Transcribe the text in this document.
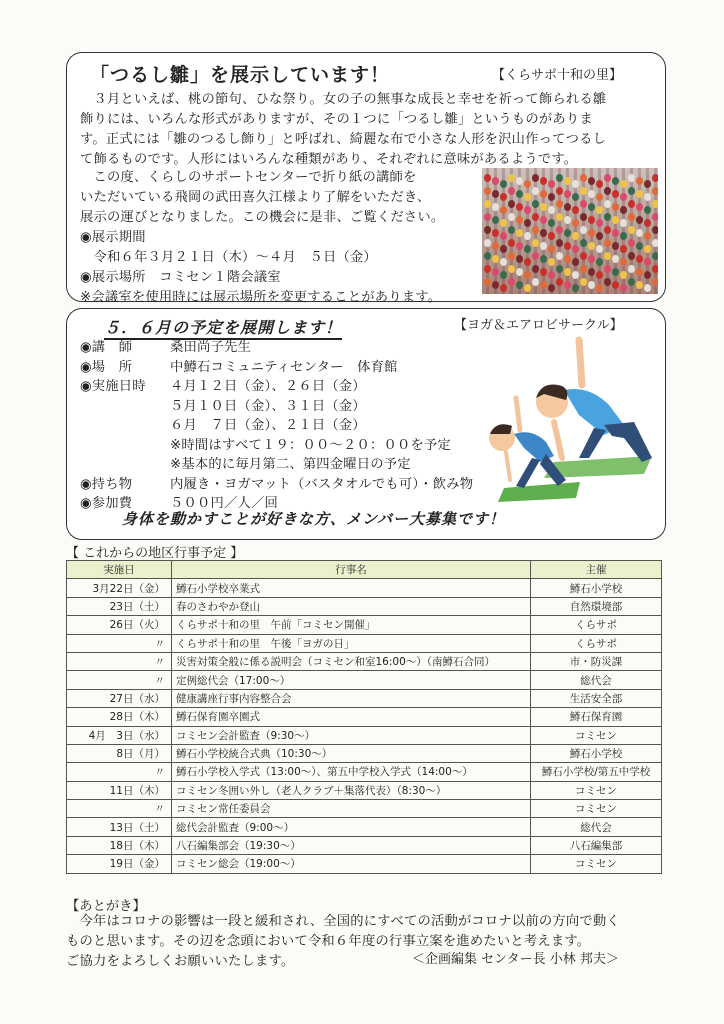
「つるし雛」を展示しています！	【くらサポ十和の里】
　３月といえば、桃の節句、ひな祭り。女の子の無事な成長と幸せを祈って飾られる雛
飾りには、いろんな形式がありますが、その１つに「つるし雛」というものがありま
す。正式には「雛のつるし飾り」と呼ばれ、綺麗な布で小さな人形を沢山作ってつるし
て飾るものです。人形にはいろんな種類があり、それぞれに意味があるようです。
　この度、くらしのサポートセンターで折り紙の講師を
いただいている飛岡の武田喜久江様より了解をいただき、
展示の運びとなりました。この機会に是非、ご覧ください。
◉展示期間
　令和６年３月２１日（木）～４月　５日（金）
◉展示場所　コミセン１階会議室
※会議室を使用時には展示場所を変更することがあります。
５．６月の予定を展開します！	【ヨガ＆エアロビサークル】
◉講　師	桑田尚子先生
◉場　所	中鱒石コミュニティセンター　体育館
◉実施日時	４月１２日（金）、２６日（金）
５月１０日（金）、３１日（金）
６月　７日（金）、２１日（金）
※時間はすべて１９：００～２０：００を予定
※基本的に毎月第二、第四金曜日の予定
◉持ち物	内履き・ヨガマット（バスタオルでも可）・飲み物
◉参加費	５００円／人／回
身体を動かすことが好きな方、メンバー大募集です！
【 これからの地区行事予定 】
実施日	行事名	主催
3月22日（金）	鱒石小学校卒業式	鱒石小学校
23日（土）	春のさわやか登山	自然環境部
26日（火）	くらサポ十和の里　午前「コミセン開催」	くらサポ
〃	くらサポ十和の里　午後「ヨガの日」	くらサポ
〃	災害対策全般に係る説明会（コミセン和室16:00～）（南鱒石合同）	市・防災課
〃	定例総代会（17:00～）	総代会
27日（水）	健康講座行事内容整合会	生活安全部
28日（木）	鱒石保育園卒園式	鱒石保育園
4月　3日（水）	コミセン会計監査（9:30～）	コミセン
8日（月）	鱒石小学校統合式典（10:30～）	鱒石小学校
〃	鱒石小学校入学式（13:00～）、第五中学校入学式（14:00～）	鱒石小学校/第五中学校
11日（木）	コミセン冬囲い外し（老人クラブ＋集落代表）（8:30～）	コミセン
〃	コミセン常任委員会	コミセン
13日（土）	総代会計監査（9:00～）	総代会
18日（木）	八石編集部会（19:30～）	八石編集部
19日（金）	コミセン総会（19:00～）	コミセン
【あとがき】
　今年はコロナの影響は一段と緩和され、全国的にすべての活動がコロナ以前の方向で動く
ものと思います。その辺を念頭において令和６年度の行事立案を進めたいと考えます。
ご協力をよろしくお願いいたします。	＜企画編集 センター長 小林 邦夫＞
